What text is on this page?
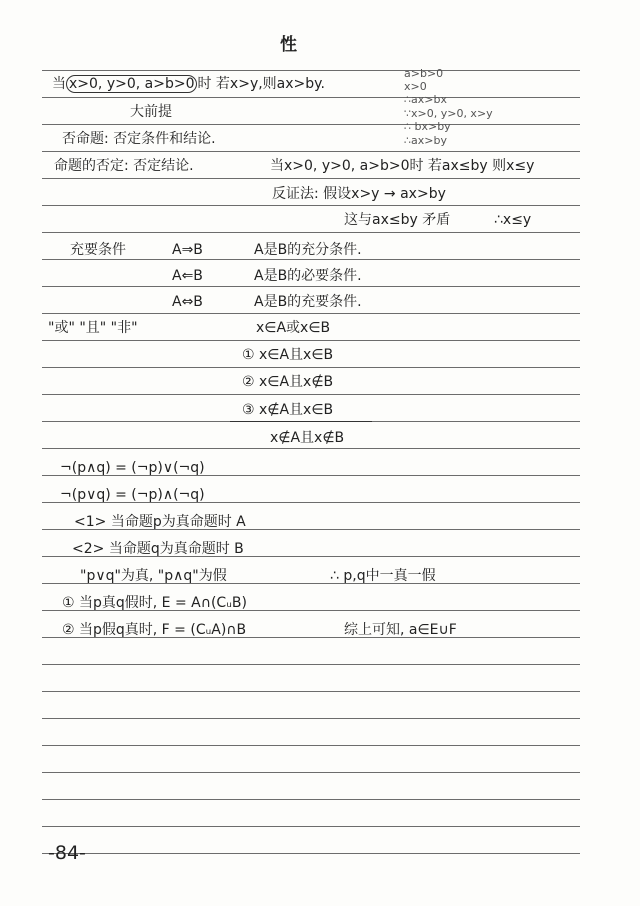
性
当 x>0, y>0, a>b>0 时 若x>y,则ax>by.
大前提
a>b>0
x>0
∴ax>bx
∵x>0, y>0, x>y
∴ bx>by
∴ax>by
否命题: 否定条件和结论.
命题的否定: 否定结论.	当x>0, y>0, a>b>0时 若ax≤by 则x≤y
反证法: 假设x>y → ax>by
这与ax≤by 矛盾	∴x≤y
充要条件	A⇒B	A是B的充分条件.
A⇐B	A是B的必要条件.
A⇔B	A是B的充要条件.
"或" "且" "非"	x∈A或x∈B
① x∈A且x∈B
② x∈A且x∉B
③ x∉A且x∈B
x∉A且x∉B
¬(p∧q) = (¬p)∨(¬q)
¬(p∨q) = (¬p)∧(¬q)
<1> 当命题p为真命题时 A
<2> 当命题q为真命题时 B
"p∨q"为真, "p∧q"为假	∴ p,q中一真一假
① 当p真q假时, E = A∩(CᵤB)
② 当p假q真时, F = (CᵤA)∩B	综上可知, a∈E∪F
-84-
